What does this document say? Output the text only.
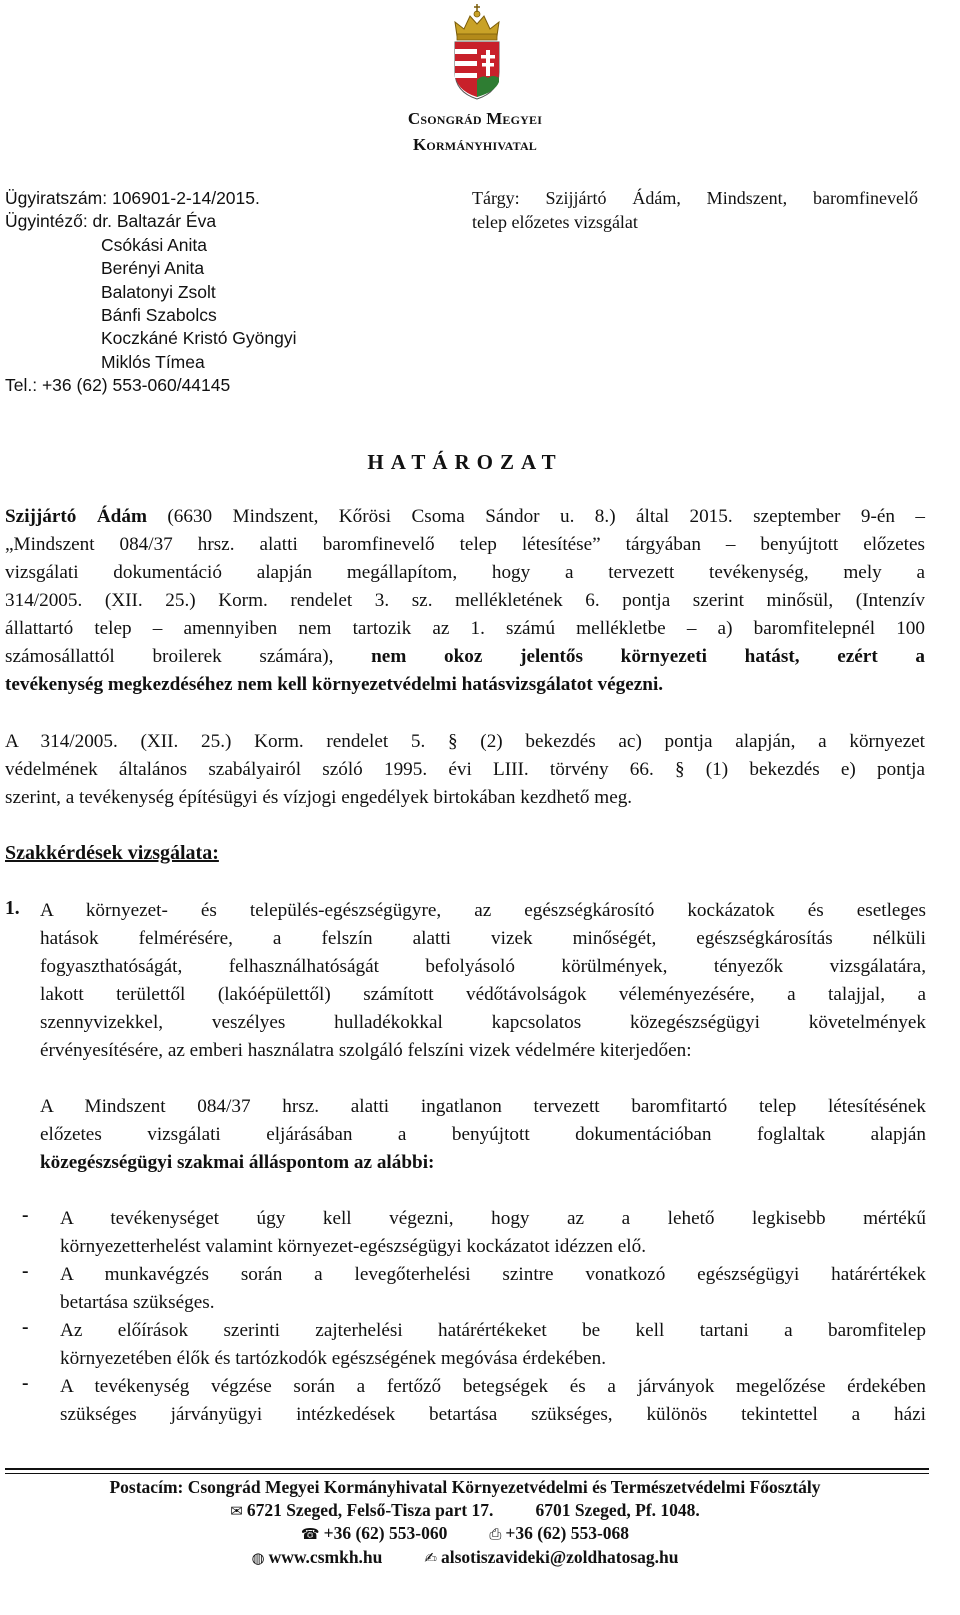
Csongrád Megyei
Kormányhivatal
Ügyiratszám: 106901-2-14/2015.
Ügyintéző: dr. Baltazár Éva
Csókási Anita
Berényi Anita
Balatonyi Zsolt
Bánfi Szabolcs
Koczkáné Kristó Gyöngyi
Miklós Tímea
Tel.: +36 (62) 553-060/44145
Tárgy: Szijjártó Ádám, Mindszent, baromfinevelő
telep előzetes vizsgálat
HATÁROZAT
Szijjártó Ádám (6630 Mindszent, Kőrösi Csoma Sándor u. 8.) által 2015. szeptember 9-én –
„Mindszent 084/37 hrsz. alatti baromfinevelő telep létesítése” tárgyában – benyújtott előzetes
vizsgálati dokumentáció alapján megállapítom, hogy a tervezett tevékenység, mely a
314/2005. (XII. 25.) Korm. rendelet 3. sz. mellékletének 6. pontja szerint minősül, (Intenzív
állattartó telep – amennyiben nem tartozik az 1. számú mellékletbe – a) baromfitelepnél 100
számosállattól broilerek számára), nem okoz jelentős környezeti hatást, ezért a
tevékenység megkezdéséhez nem kell környezetvédelmi hatásvizsgálatot végezni.
A 314/2005. (XII. 25.) Korm. rendelet 5. § (2) bekezdés ac) pontja alapján, a környezet
védelmének általános szabályairól szóló 1995. évi LIII. törvény 66. § (1) bekezdés e) pontja
szerint, a tevékenység építésügyi és vízjogi engedélyek birtokában kezdhető meg.
Szakkérdések vizsgálata:
1. A környezet- és település-egészségügyre, az egészségkárosító kockázatok és esetleges
hatások felmérésére, a felszín alatti vizek minőségét, egészségkárosítás nélküli
fogyaszthatóságát, felhasználhatóságát befolyásoló körülmények, tényezők vizsgálatára,
lakott területtől (lakóépülettől) számított védőtávolságok véleményezésére, a talajjal, a
szennyvizekkel, veszélyes hulladékokkal kapcsolatos közegészségügyi követelmények
érvényesítésére, az emberi használatra szolgáló felszíni vizek védelmére kiterjedően:
A Mindszent 084/37 hrsz. alatti ingatlanon tervezett baromfitartó telep létesítésének
előzetes vizsgálati eljárásában a benyújtott dokumentációban foglaltak alapján
közegészségügyi szakmai álláspontom az alábbi:
- A tevékenységet úgy kell végezni, hogy az a lehető legkisebb mértékű
környezetterhelést valamint környezet-egészségügyi kockázatot idézzen elő.
- A munkavégzés során a levegőterhelési szintre vonatkozó egészségügyi határértékek
betartása szükséges.
- Az előírások szerinti zajterhelési határértékeket be kell tartani a baromfitelep
környezetében élők és tartózkodók egészségének megóvása érdekében.
- A tevékenység végzése során a fertőző betegségek és a járványok megelőzése érdekében
szükséges járványügyi intézkedések betartása szükséges, különös tekintettel a házi
Postacím: Csongrád Megyei Kormányhivatal Környezetvédelmi és Természetvédelmi Főosztály
✉ 6721 Szeged, Felső-Tisza part 17. 6701 Szeged, Pf. 1048.
☎ +36 (62) 553-060	⎙ +36 (62) 553-068
◍ www.csmkh.hu	✍ alsotiszavideki@zoldhatosag.hu
